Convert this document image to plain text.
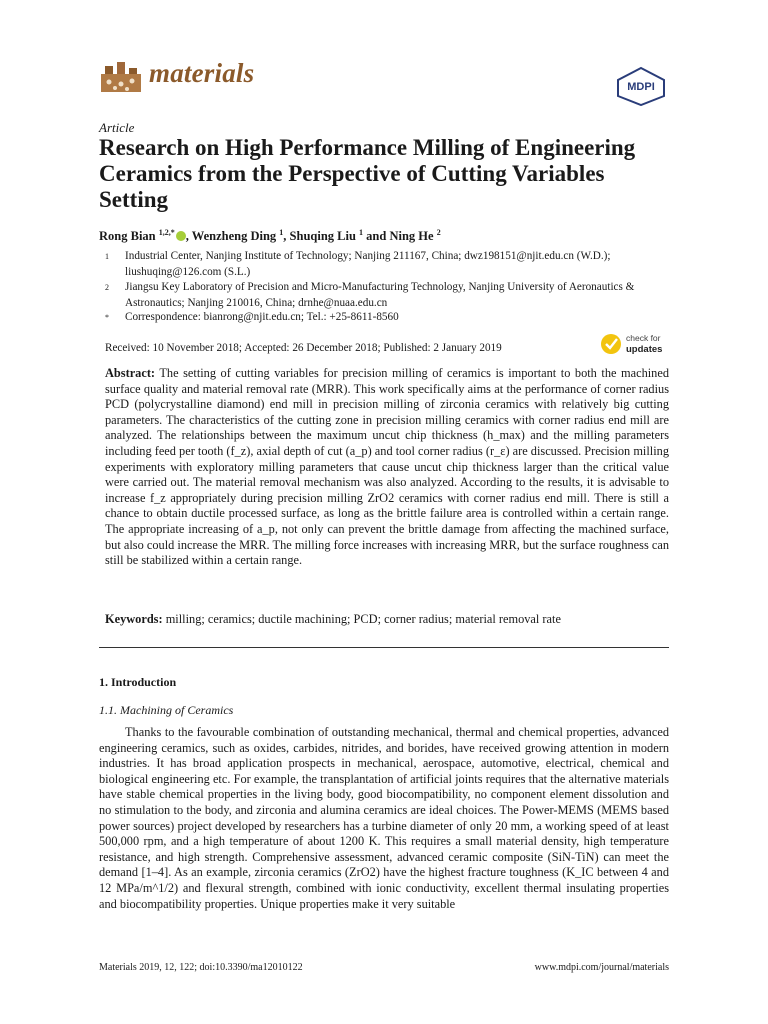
materials	MDPI
Article
Research on High Performance Milling of Engineering Ceramics from the Perspective of Cutting Variables Setting
Rong Bian $^{1,2,*}$ , Wenzheng Ding $^1$, Shuqing Liu $^1$ and Ning He $^2$
1	Industrial Center, Nanjing Institute of Technology; Nanjing 211167, China; dwz198151@njit.edu.cn (W.D.); liushuqing@126.com (S.L.)
2	Jiangsu Key Laboratory of Precision and Micro-Manufacturing Technology, Nanjing University of Aeronautics & Astronautics; Nanjing 210016, China; drnhe@nuaa.edu.cn
*	Correspondence: bianrong@njit.edu.cn; Tel.: +25-8611-8560
Received: 10 November 2018; Accepted: 26 December 2018; Published: 2 January 2019
check for
updates

Abstract: The setting of cutting variables for precision milling of ceramics is important to both the machined surface quality and material removal rate (MRR). This work specifically aims at the performance of corner radius PCD (polycrystalline diamond) end mill in precision milling of zirconia ceramics with relatively big cutting parameters. The characteristics of the cutting zone in precision milling ceramics with corner radius end mill are analyzed. The relationships between the maximum uncut chip thickness (h_max) and the milling parameters including feed per tooth (f_z), axial depth of cut (a_p) and tool corner radius (r_ε) are discussed. Precision milling experiments with exploratory milling parameters that cause uncut chip thickness larger than the critical value were carried out. The material removal mechanism was also analyzed. According to the results, it is advisable to increase f_z appropriately during precision milling ZrO2 ceramics with corner radius end mill. There is still a chance to obtain ductile processed surface, as long as the brittle failure area is controlled within a certain range. The appropriate increasing of a_p, not only can prevent the brittle damage from affecting the machined surface, but also could increase the MRR. The milling force increases with increasing MRR, but the surface roughness can still be stabilized within a certain range.

Keywords: milling; ceramics; ductile machining; PCD; corner radius; material removal rate

1. Introduction
1.1. Machining of Ceramics

Thanks to the favourable combination of outstanding mechanical, thermal and chemical properties, advanced engineering ceramics, such as oxides, carbides, nitrides, and borides, have received growing attention in modern industries. It has broad application prospects in mechanical, aerospace, automotive, electrical, chemical and biological engineering etc. For example, the transplantation of artificial joints requires that the alternative materials have stable chemical properties in the living body, good biocompatibility, no component element dissolution and no stimulation to the body, and zirconia and alumina ceramics are ideal choices. The Power-MEMS (MEMS based power sources) project developed by researchers has a turbine diameter of only 20 mm, a working speed of at least 500,000 rpm, and a high temperature of about 1200 K. This requires a small material density, high temperature resistance, and high strength. Comprehensive assessment, advanced ceramic composite (SiN-TiN) can meet the demand [1–4]. As an example, zirconia ceramics (ZrO2) have the highest fracture toughness (K_IC between 4 and 12 MPa/m^1/2) and flexural strength, combined with ionic conductivity, excellent thermal insulating properties and biocompatibility properties. Unique properties make it very suitable

Materials 2019, 12, 122; doi:10.3390/ma12010122	www.mdpi.com/journal/materials
